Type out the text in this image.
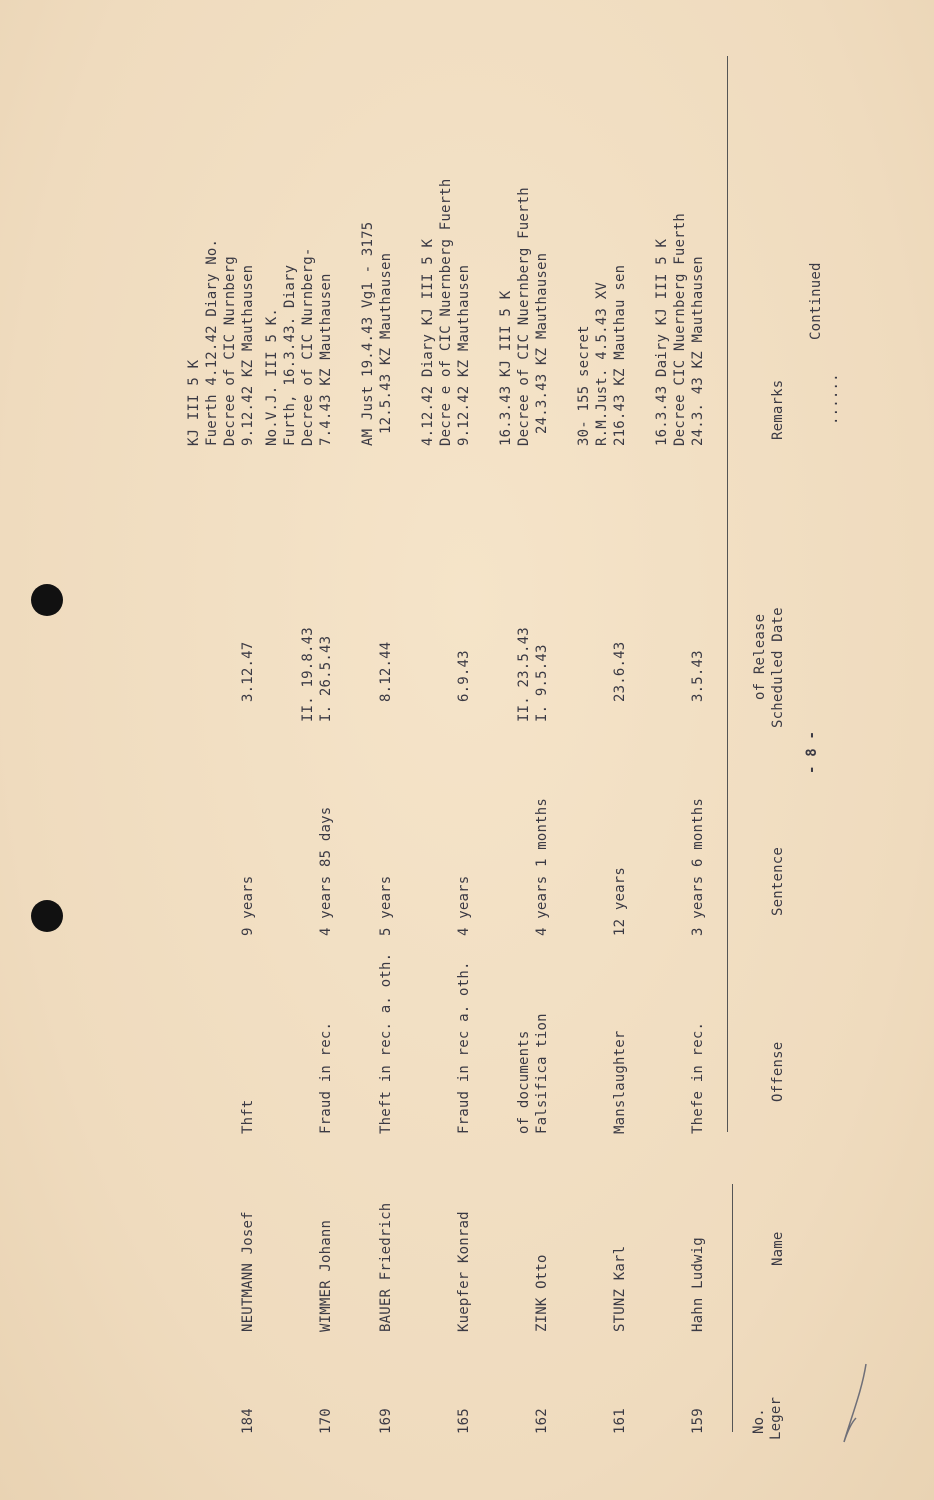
......
Continued
- 8 -
Leger
No.
Name
Offense
Sentence
Scheduled Date
of Release
Remarks
159
Hahn Ludwig
Thefe in rec.
3 years 6 months
3.5.43
24.3. 43 KZ Mauthausen
Decree CIC Nuernberg Fuerth
16.3.43 Dairy KJ III 5 K
161
STUNZ Karl
Manslaughter
12 years
23.6.43
216.43 KZ Mauthau sen
R.M.Just. 4.5.43 XV
30- 155 secret
162
ZINK Otto
Falsifica tion
of documents
4 years 1 months
I. 9.5.43
II. 23.5.43
24.3.43 KZ Mauthausen
Decree of CIC Nuernberg Fuerth
16.3.43 KJ III 5 K
165
Kuepfer Konrad
Fraud in rec a. oth.
4 years
6.9.43
9.12.42 KZ Mauthausen
Decre e of CIC Nuernberg Fuerth
4.12.42 Diary KJ III 5 K
169
BAUER Friedrich
Theft in rec. a. oth.
5 years
8.12.44
12.5.43 KZ Mauthausen
AM Just 19.4.43 Vg1 - 3175
170
WIMMER Johann
Fraud in rec.
4 years 85 days
I. 26.5.43
II. 19.8.43
7.4.43 KZ Mauthausen
Decree of CIC Nurnberg-
Furth, 16.3.43. Diary
No.V.J. III 5 K.
184
NEUTMANN Josef
Thft
9 years
3.12.47
9.12.42 KZ Mauthausen
Decree of CIC Nurnberg
Fuerth 4.12.42 Diary No.
KJ III 5 K
